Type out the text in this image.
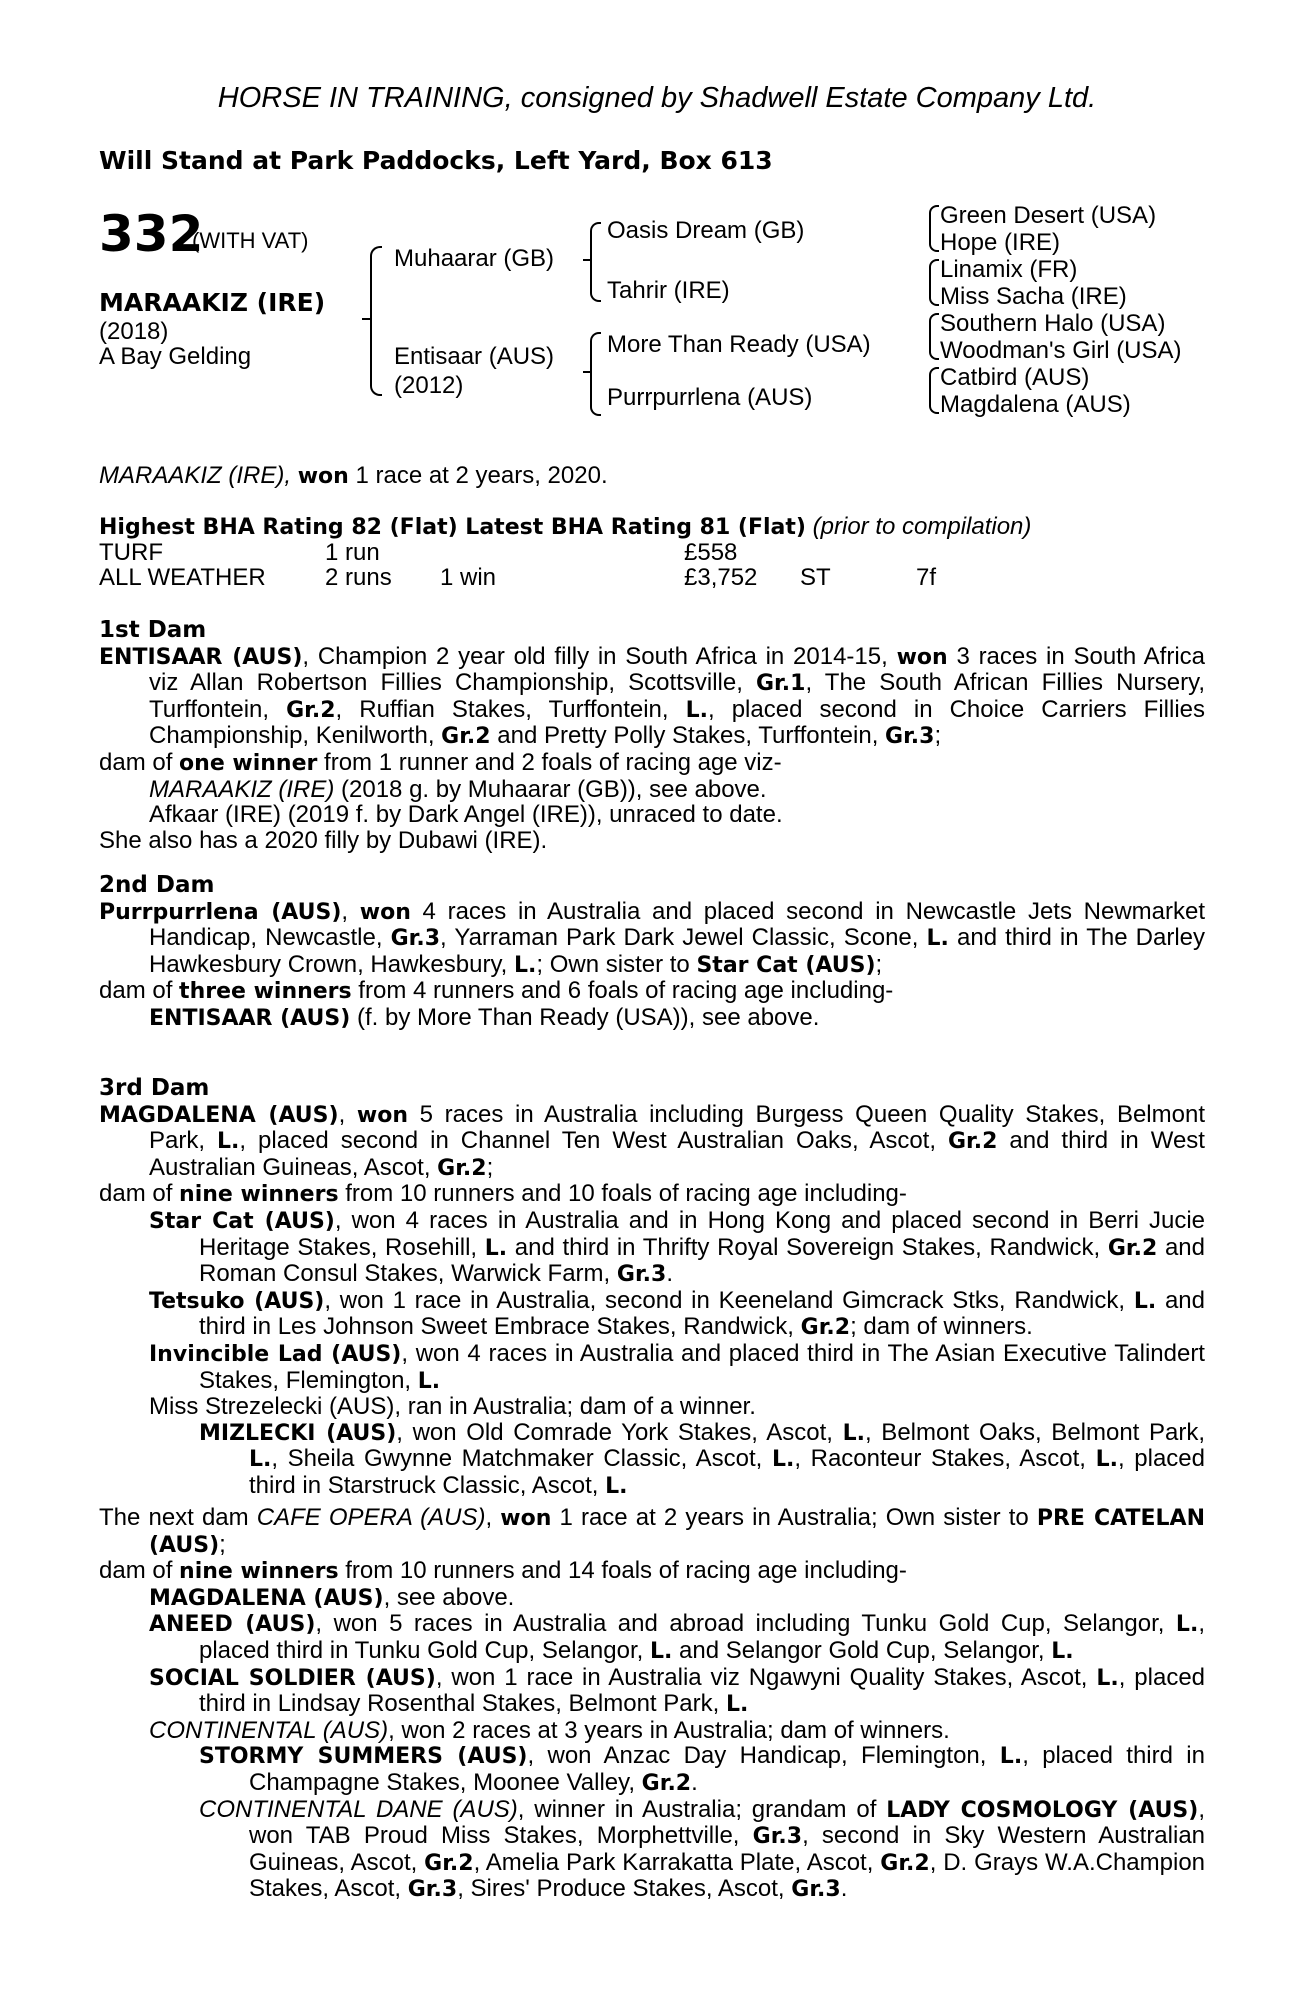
HORSE IN TRAINING, consigned by Shadwell Estate Company Ltd.
Will Stand at Park Paddocks, Left Yard, Box 613
332
(WITH VAT)
MARAAKIZ (IRE)
(2018)
A Bay Gelding
Muhaarar (GB)
Entisaar (AUS)
(2012)
Oasis Dream (GB)
Tahrir (IRE)
More Than Ready (USA)
Purrpurrlena (AUS)
Green Desert (USA)
Hope (IRE)
Linamix (FR)
Miss Sacha (IRE)
Southern Halo (USA)
Woodman's Girl (USA)
Catbird (AUS)
Magdalena (AUS)
MARAAKIZ (IRE), won 1 race at 2 years, 2020.
Highest BHA Rating 82 (Flat) Latest BHA Rating 81 (Flat) (prior to compilation)
TURF	1 run	£558
ALL WEATHER 2 runs 1 win	£3,752 ST	7f

1st Dam

ENTISAAR (AUS), Champion 2 year old filly in South Africa in 2014-15, won 3 races in South Africa viz Allan Robertson Fillies Championship, Scottsville, Gr.1, The South African Fillies Nursery, Turffontein, Gr.2, Ruffian Stakes, Turffontein, L., placed second in Choice Carriers Fillies Championship, Kenilworth, Gr.2 and Pretty Polly Stakes, Turffontein, Gr.3;

dam of one winner from 1 runner and 2 foals of racing age viz-

MARAAKIZ (IRE) (2018 g. by Muhaarar (GB)), see above.

Afkaar (IRE) (2019 f. by Dark Angel (IRE)), unraced to date.

She also has a 2020 filly by Dubawi (IRE).

2nd Dam

Purrpurrlena (AUS), won 4 races in Australia and placed second in Newcastle Jets Newmarket Handicap, Newcastle, Gr.3, Yarraman Park Dark Jewel Classic, Scone, L. and third in The Darley Hawkesbury Crown, Hawkesbury, L.; Own sister to Star Cat (AUS);

dam of three winners from 4 runners and 6 foals of racing age including-

ENTISAAR (AUS) (f. by More Than Ready (USA)), see above.

3rd Dam

MAGDALENA (AUS), won 5 races in Australia including Burgess Queen Quality Stakes, Belmont Park, L., placed second in Channel Ten West Australian Oaks, Ascot, Gr.2 and third in West Australian Guineas, Ascot, Gr.2;

dam of nine winners from 10 runners and 10 foals of racing age including-

Star Cat (AUS), won 4 races in Australia and in Hong Kong and placed second in Berri Jucie Heritage Stakes, Rosehill, L. and third in Thrifty Royal Sovereign Stakes, Randwick, Gr.2 and Roman Consul Stakes, Warwick Farm, Gr.3.

Tetsuko (AUS), won 1 race in Australia, second in Keeneland Gimcrack Stks, Randwick, L. and third in Les Johnson Sweet Embrace Stakes, Randwick, Gr.2; dam of winners.

Invincible Lad (AUS), won 4 races in Australia and placed third in The Asian Executive Talindert Stakes, Flemington, L.

Miss Strezelecki (AUS), ran in Australia; dam of a winner.

MIZLECKI (AUS), won Old Comrade York Stakes, Ascot, L., Belmont Oaks, Belmont Park, L., Sheila Gwynne Matchmaker Classic, Ascot, L., Raconteur Stakes, Ascot, L., placed third in Starstruck Classic, Ascot, L.

The next dam CAFE OPERA (AUS), won 1 race at 2 years in Australia; Own sister to PRE CATELAN (AUS);

dam of nine winners from 10 runners and 14 foals of racing age including-

MAGDALENA (AUS), see above.

ANEED (AUS), won 5 races in Australia and abroad including Tunku Gold Cup, Selangor, L., placed third in Tunku Gold Cup, Selangor, L. and Selangor Gold Cup, Selangor, L.

SOCIAL SOLDIER (AUS), won 1 race in Australia viz Ngawyni Quality Stakes, Ascot, L., placed third in Lindsay Rosenthal Stakes, Belmont Park, L.

CONTINENTAL (AUS), won 2 races at 3 years in Australia; dam of winners.

STORMY SUMMERS (AUS), won Anzac Day Handicap, Flemington, L., placed third in Champagne Stakes, Moonee Valley, Gr.2.

CONTINENTAL DANE (AUS), winner in Australia; grandam of LADY COSMOLOGY (AUS), won TAB Proud Miss Stakes, Morphettville, Gr.3, second in Sky Western Australian Guineas, Ascot, Gr.2, Amelia Park Karrakatta Plate, Ascot, Gr.2, D. Grays W.A.Champion Stakes, Ascot, Gr.3, Sires' Produce Stakes, Ascot, Gr.3.
